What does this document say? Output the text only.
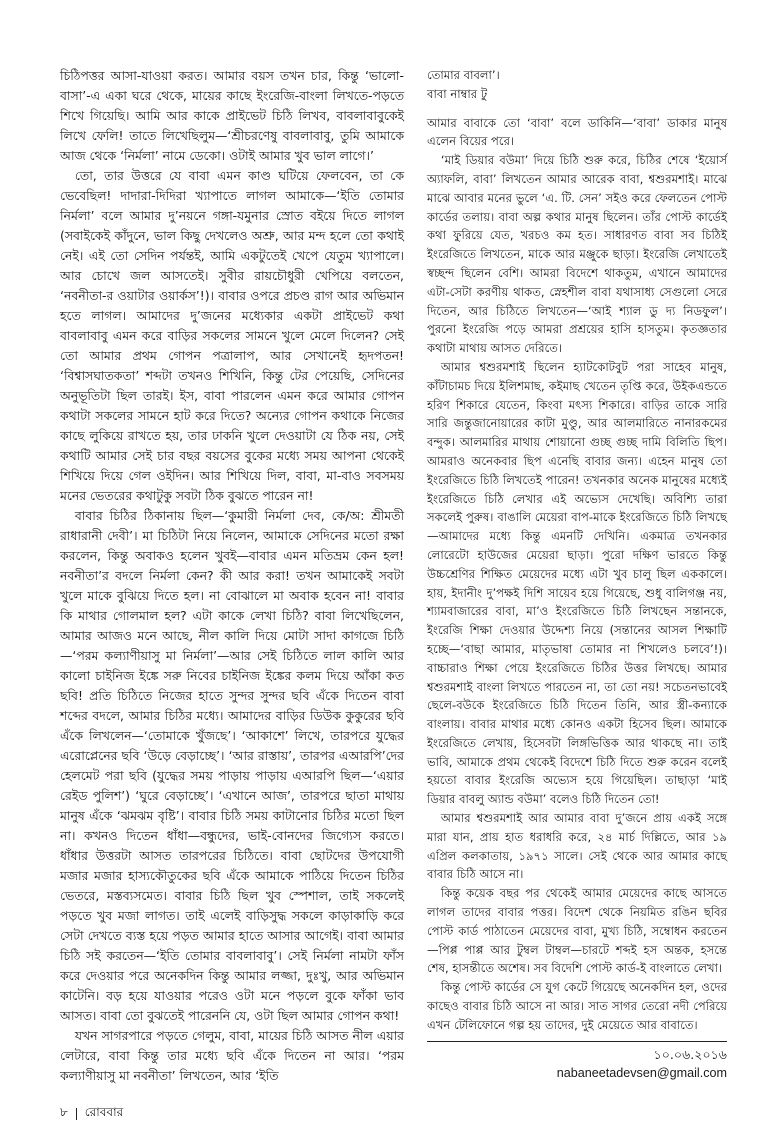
চিঠিপত্তর আসা-যাওয়া করত। আমার বয়স তখন চার, কিন্তু ‘ভালো-বাসা’-এ একা ঘরে থেকে, মায়ের কাছে ইংরেজি-বাংলা লিখতে-পড়তে শিখে গিয়েছি। আমি আর কাকে প্রাইভেট চিঠি লিখব, বাবলাবাবুকেই লিখে ফেলি! তাতে লিখেছিলুম—‘শ্রীচরণেষু বাবলাবাবু, তুমি আমাকে আজ থেকে ‘নির্মলা’ নামে ডেকো। ওটাই আমার খুব ভাল লাগে।’

তো, তার উত্তরে যে বাবা এমন কাণ্ড ঘটিয়ে ফেলবেন, তা কে ভেবেছিল! দাদারা-দিদিরা খ্যাপাতে লাগল আমাকে—‘ইতি তোমার নির্মলা’ বলে আমার দু’নয়নে গঙ্গা-যমুনার স্রোত বইয়ে দিতে লাগল (সবাইকেই কাঁদুনে, ভাল কিছু দেখলেও অশ্রু, আর মন্দ হলে তো কথাই নেই। এই তো সেদিন পর্যন্তই, আমি একটুতেই খেপে যেতুম খ্যাপালে। আর চোখে জল আসতেই। সুবীর রায়চৌধুরী খেপিয়ে বলতেন, ‘নবনীতা-র ওয়াটার ওয়ার্কস’!)। বাবার ওপরে প্রচণ্ড রাগ আর অভিমান হতে লাগল। আমাদের দু’জনের মধ্যেকার একটা প্রাইভেট কথা বাবলাবাবু এমন করে বাড়ির সকলের সামনে খুলে মেলে দিলেন? সেই তো আমার প্রথম গোপন পত্রালাপ, আর সেখানেই হৃদপতন! ‘বিশ্বাসঘাতকতা’ শব্দটা তখনও শিখিনি, কিন্তু টের পেয়েছি, সেদিনের অনুভূতিটা ছিল তারই। ইস, বাবা পারলেন এমন করে আমার গোপন কথাটা সকলের সামনে হাট করে দিতে? অন্যের গোপন কথাকে নিজের কাছে লুকিয়ে রাখতে হয়, তার ঢাকনি খুলে দেওয়াটা যে ঠিক নয়, সেই কথাটি আমার সেই চার বছর বয়সের বুকের মধ্যে সময় আপনা থেকেই শিখিয়ে দিয়ে গেল ওইদিন। আর শিখিয়ে দিল, বাবা, মা-বাও সবসময় মনের ভেতরের কথাটুকু সবটা ঠিক বুঝতে পারেন না!

বাবার চিঠির ঠিকানায় ছিল—‘কুমারী নির্মলা দেব, কে/অ: শ্রীমতী রাধারানী দেবী’। মা চিঠিটা নিয়ে নিলেন, আমাকে সেদিনের মতো রক্ষা করলেন, কিন্তু অবাকও হলেন খুবই—বাবার এমন মতিভ্রম কেন হল! নবনীতা’র বদলে নির্মলা কেন? কী আর করা! তখন আমাকেই সবটা খুলে মাকে বুঝিয়ে দিতে হল। না বোঝালে মা অবাক হবেন না! বাবার কি মাথার গোলমাল হল? এটা কাকে লেখা চিঠি? বাবা লিখেছিলেন, আমার আজও মনে আছে, নীল কালি দিয়ে মোটা সাদা কাগজে চিঠি—‘পরম কল্যাণীয়াসু মা নির্মলা’—আর সেই চিঠিতে লাল কালি আর কালো চাইনিজ ইঙ্কে সরু নিবের চাইনিজ ইঙ্কের কলম দিয়ে আঁকা কত ছবি! প্রতি চিঠিতে নিজের হাতে সুন্দর সুন্দর ছবি এঁকে দিতেন বাবা শব্দের বদলে, আমার চিঠির মধ্যে। আমাদের বাড়ির ডিউক কুকুরের ছবি এঁকে লিখলেন—‘তোমাকে খুঁজছে’। ‘আকাশে’ লিখে, তারপরে যুদ্ধের এরোপ্লেনের ছবি ‘উড়ে বেড়াচ্ছে’। ‘আর রাস্তায়’, তারপর এআরপি’দের হেলমেট পরা ছবি (যুদ্ধের সময় পাড়ায় পাড়ায় এআরপি ছিল—‘এয়ার রেইড পুলিশ’) ‘ঘুরে বেড়াচ্ছে’। ‘এখানে আজ’, তারপরে ছাতা মাথায় মানুষ এঁকে ‘ঝমঝম বৃষ্টি’। বাবার চিঠি সময় কাটানোর চিঠির মতো ছিল না। কখনও দিতেন ধাঁধা—বন্ধুদের, ভাই-বোনদের জিগ্যেস করতে। ধাঁধার উত্তরটা আসত তারপরের চিঠিতে। বাবা ছোটদের উপযোগী মজার মজার হাস্যকৌতুকের ছবি এঁকে আমাকে পাঠিয়ে দিতেন চিঠির ভেতরে, মস্তব্যসমেত। বাবার চিঠি ছিল খুব স্পেশাল, তাই সকলেই পড়তে খুব মজা লাগত। তাই এলেই বাড়িসুদ্ধ সকলে কাড়াকাড়ি করে সেটা দেখতে ব্যস্ত হয়ে পড়ত আমার হাতে আসার আগেই। বাবা আমার চিঠি সই করতেন—‘ইতি তোমার বাবলাবাবু’। সেই নির্মলা নামটা ফাঁস করে দেওয়ার পরে অনেকদিন কিন্তু আমার লজ্জা, দুঃখু, আর অভিমান কাটেনি। বড় হয়ে যাওয়ার পরেও ওটা মনে পড়লে বুকে ফাঁকা ভাব আসত। বাবা তো বুঝতেই পারেননি যে, ওটা ছিল আমার গোপন কথা!

যখন সাগরপারে পড়তে গেলুম, বাবা, মায়ের চিঠি আসত নীল এয়ার লেটারে, বাবা কিন্তু তার মধ্যে ছবি এঁকে দিতেন না আর। ‘পরম কল্যাণীয়াসু মা নবনীতা’ লিখতেন, আর ‘ইতি

তোমার বাবলা’।

বাবা নাম্বার টু

আমার বাবাকে তো ‘বাবা’ বলে ডাকিনি—‘বাবা’ ডাকার মানুষ এলেন বিয়ের পরে।

‘মাই ডিয়ার বউমা’ দিয়ে চিঠি শুরু করে, চিঠির শেষে ‘ইয়োর্স অ্যাফলি, বাবা’ লিখতেন আমার আরেক বাবা, শ্বশুরমশাই। মাঝে মাঝে আবার মনের ভুলে ‘এ. টি. সেন’ সইও করে ফেলতেন পোস্ট কার্ডের তলায়। বাবা অল্প কথার মানুষ ছিলেন। তাঁর পোস্ট কার্ডেই কথা ফুরিয়ে যেত, খরচও কম হত। সাধারণত বাবা সব চিঠিই ইংরেজিতে লিখতেন, মাকে আর মঞ্জুকে ছাড়া। ইংরেজি লেখাতেই স্বচ্ছন্দ ছিলেন বেশি। আমরা বিদেশে থাকতুম, এখানে আমাদের এটা-সেটা করণীয় থাকত, স্নেহশীল বাবা যথাসাধ্য সেগুলো সেরে দিতেন, আর চিঠিতে লিখতেন—‘আই শ্যাল ডু দ্য নিডফুল’। পুরনো ইংরেজি পড়ে আমরা প্রশ্রয়ের হাসি হাসতুম। কৃতজ্ঞতার কথাটা মাথায় আসত দেরিতে।

আমার শ্বশুরমশাই ছিলেন হ্যাটকোটবুট পরা সাহেব মানুষ, কাঁটাচামচ দিয়ে ইলিশমাছ, কইমাছ খেতেন তৃপ্তি করে, উইকএন্ডতে হরিণ শিকারে যেতেন, কিংবা মৎস্য শিকারে। বাড়ির তাকে সারি সারি জন্তুজানোয়ারের কাটা মুণ্ডু, আর আলমারিতে নানারকমের বন্দুক। আলমারির মাথায় শোয়ানো গুচ্ছ গুচ্ছ দামি বিলিতি ছিপ। আমরাও অনেকবার ছিপ এনেছি বাবার জন্য। এহেন মানুষ তো ইংরেজিতে চিঠি লিখতেই পারেন! তখনকার অনেক মানুষের মধ্যেই ইংরেজিতে চিঠি লেখার এই অভ্যেস দেখেছি। অবিশ্যি তারা সকলেই পুরুষ। বাঙালি মেয়েরা বাপ-মাকে ইংরেজিতে চিঠি লিখছে—আমাদের মধ্যে কিন্তু এমনটি দেখিনি। একমাত্র তখনকার লোরেটো হাউজের মেয়েরা ছাড়া। পুরো দক্ষিণ ভারতে কিন্তু উচ্চশ্রেণির শিক্ষিত মেয়েদের মধ্যে এটা খুব চালু ছিল এককালে। হায়, ইদানীং দু’পক্ষই দিশি সায়েব হয়ে গিয়েছে, শুধু বালিগঞ্জ নয়, শ্যামবাজারের বাবা, মা’ও ইংরেজিতে চিঠি লিখছেন সন্তানকে, ইংরেজি শিক্ষা দেওয়ার উদ্দেশ্য নিয়ে (সন্তানের আসল শিক্ষাটি হচ্ছে—‘বাছা আমার, মাতৃভাষা তোমার না শিখলেও চলবে’!)। বাচ্চারাও শিক্ষা পেয়ে ইংরেজিতে চিঠির উত্তর লিখছে। আমার শ্বশুরমশাই বাংলা লিখতে পারতেন না, তা তো নয়! সচেতনভাবেই ছেলে-বউকে ইংরেজিতে চিঠি দিতেন তিনি, আর স্ত্রী-কন্যাকে বাংলায়। বাবার মাথার মধ্যে কোনও একটা হিসেব ছিল। আমাকে ইংরেজিতে লেখায়, হিসেবটা লিঙ্গভিত্তিক আর থাকছে না। তাই ভাবি, আমাকে প্রথম থেকেই বিদেশে চিঠি দিতে শুরু করেন বলেই হয়তো বাবার ইংরেজি অভ্যেস হয়ে গিয়েছিল। তাছাড়া ‘মাই ডিয়ার বাবলু অ্যান্ড বউমা’ বলেও চিঠি দিতেন তো!

আমার শ্বশুরমশাই আর আমার বাবা দু’জনে প্রায় একই সঙ্গে মারা যান, প্রায় হাত ধরাধরি করে, ২৪ মার্চ দিল্লিতে, আর ১৯ এপ্রিল কলকাতায়, ১৯৭১ সালে। সেই থেকে আর আমার কাছে বাবার চিঠি আসে না।

কিন্তু কয়েক বছর পর থেকেই আমার মেয়েদের কাছে আসতে লাগল তাদের বাবার পত্তর। বিদেশ থেকে নিয়মিত রঙিন ছবির পোস্ট কার্ড পাঠাতেন মেয়েদের বাবা, মুখ্য চিঠি, সম্বোধন করতেন—পিপ্প পাপ্প আর টুম্বল টাম্বল—চারটে শব্দই হস অন্তক, হসন্তে শেষ, হাসন্তীতে অশেষ। সব বিদেশি পোস্ট কার্ড-ই বাংলাতে লেখা।

কিন্তু পোস্ট কার্ডের সে যুগ কেটে গিয়েছে অনেকদিন হল, ওদের কাছেও বাবার চিঠি আসে না আর। সাত সাগর তেরো নদী পেরিয়ে এখন টেলিফোনে গল্প হয় তাদের, দুই মেয়েতে আর বাবাতে।

১০.০৬.২০১৬
nabaneetadevsen@gmail.com
৮ রোববার
